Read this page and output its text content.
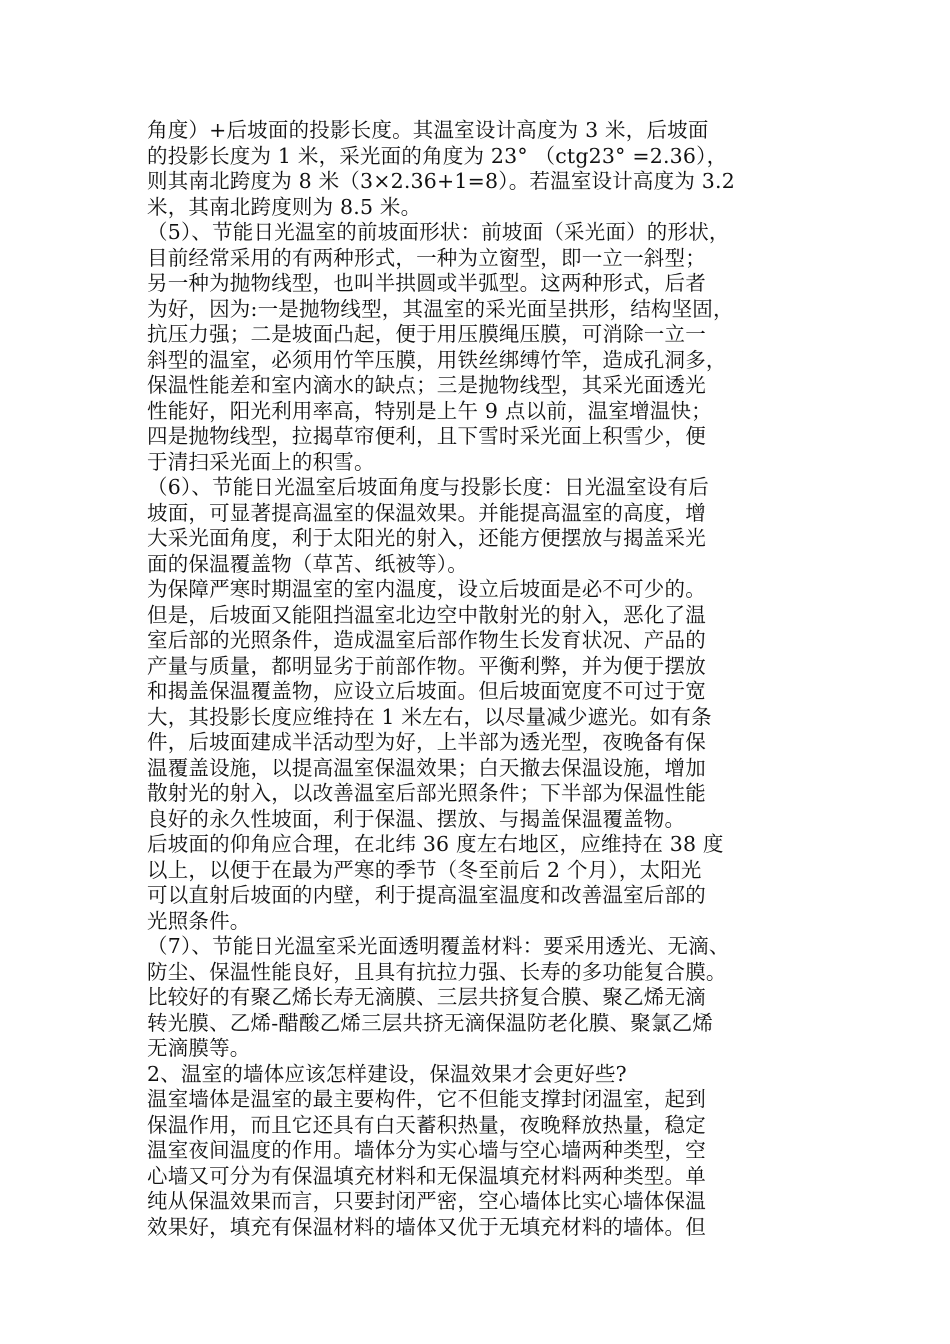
角度）+后坡面的投影长度。其温室设计高度为 3 米，后坡面
的投影长度为 1 米，采光面的角度为 23° （ctg23° =2.36），
则其南北跨度为 8 米（3×2.36+1=8）。若温室设计高度为 3.2
米，其南北跨度则为 8.5 米。
（5）、节能日光温室的前坡面形状：前坡面（采光面）的形状，
目前经常采用的有两种形式，一种为立窗型，即一立一斜型；
另一种为抛物线型，也叫半拱圆或半弧型。这两种形式，后者
为好，因为:一是抛物线型，其温室的采光面呈拱形，结构坚固，
抗压力强；二是坡面凸起，便于用压膜绳压膜，可消除一立一
斜型的温室，必须用竹竿压膜，用铁丝绑缚竹竿，造成孔洞多，
保温性能差和室内滴水的缺点；三是抛物线型，其采光面透光
性能好，阳光利用率高，特别是上午 9 点以前，温室增温快；
四是抛物线型，拉揭草帘便利，且下雪时采光面上积雪少，便
于清扫采光面上的积雪。
（6）、节能日光温室后坡面角度与投影长度：日光温室设有后
坡面，可显著提高温室的保温效果。并能提高温室的高度，增
大采光面角度，利于太阳光的射入，还能方便摆放与揭盖采光
面的保温覆盖物（草苫、纸被等）。
为保障严寒时期温室的室内温度，设立后坡面是必不可少的。
但是，后坡面又能阻挡温室北边空中散射光的射入，恶化了温
室后部的光照条件，造成温室后部作物生长发育状况、产品的
产量与质量，都明显劣于前部作物。平衡利弊，并为便于摆放
和揭盖保温覆盖物，应设立后坡面。但后坡面宽度不可过于宽
大，其投影长度应维持在 1 米左右，以尽量减少遮光。如有条
件，后坡面建成半活动型为好，上半部为透光型，夜晚备有保
温覆盖设施，以提高温室保温效果；白天撤去保温设施，增加
散射光的射入，以改善温室后部光照条件；下半部为保温性能
良好的永久性坡面，利于保温、摆放、与揭盖保温覆盖物。
后坡面的仰角应合理，在北纬 36 度左右地区，应维持在 38 度
以上，以便于在最为严寒的季节（冬至前后 2 个月），太阳光
可以直射后坡面的内壁，利于提高温室温度和改善温室后部的
光照条件。
（7）、节能日光温室采光面透明覆盖材料：要采用透光、无滴、
防尘、保温性能良好，且具有抗拉力强、长寿的多功能复合膜。
比较好的有聚乙烯长寿无滴膜、三层共挤复合膜、聚乙烯无滴
转光膜、乙烯-醋酸乙烯三层共挤无滴保温防老化膜、聚氯乙烯
无滴膜等。
2、温室的墙体应该怎样建设，保温效果才会更好些?
温室墙体是温室的最主要构件，它不但能支撑封闭温室，起到
保温作用，而且它还具有白天蓄积热量，夜晚释放热量，稳定
温室夜间温度的作用。墙体分为实心墙与空心墙两种类型，空
心墙又可分为有保温填充材料和无保温填充材料两种类型。单
纯从保温效果而言，只要封闭严密，空心墙体比实心墙体保温
效果好，填充有保温材料的墙体又优于无填充材料的墙体。但
